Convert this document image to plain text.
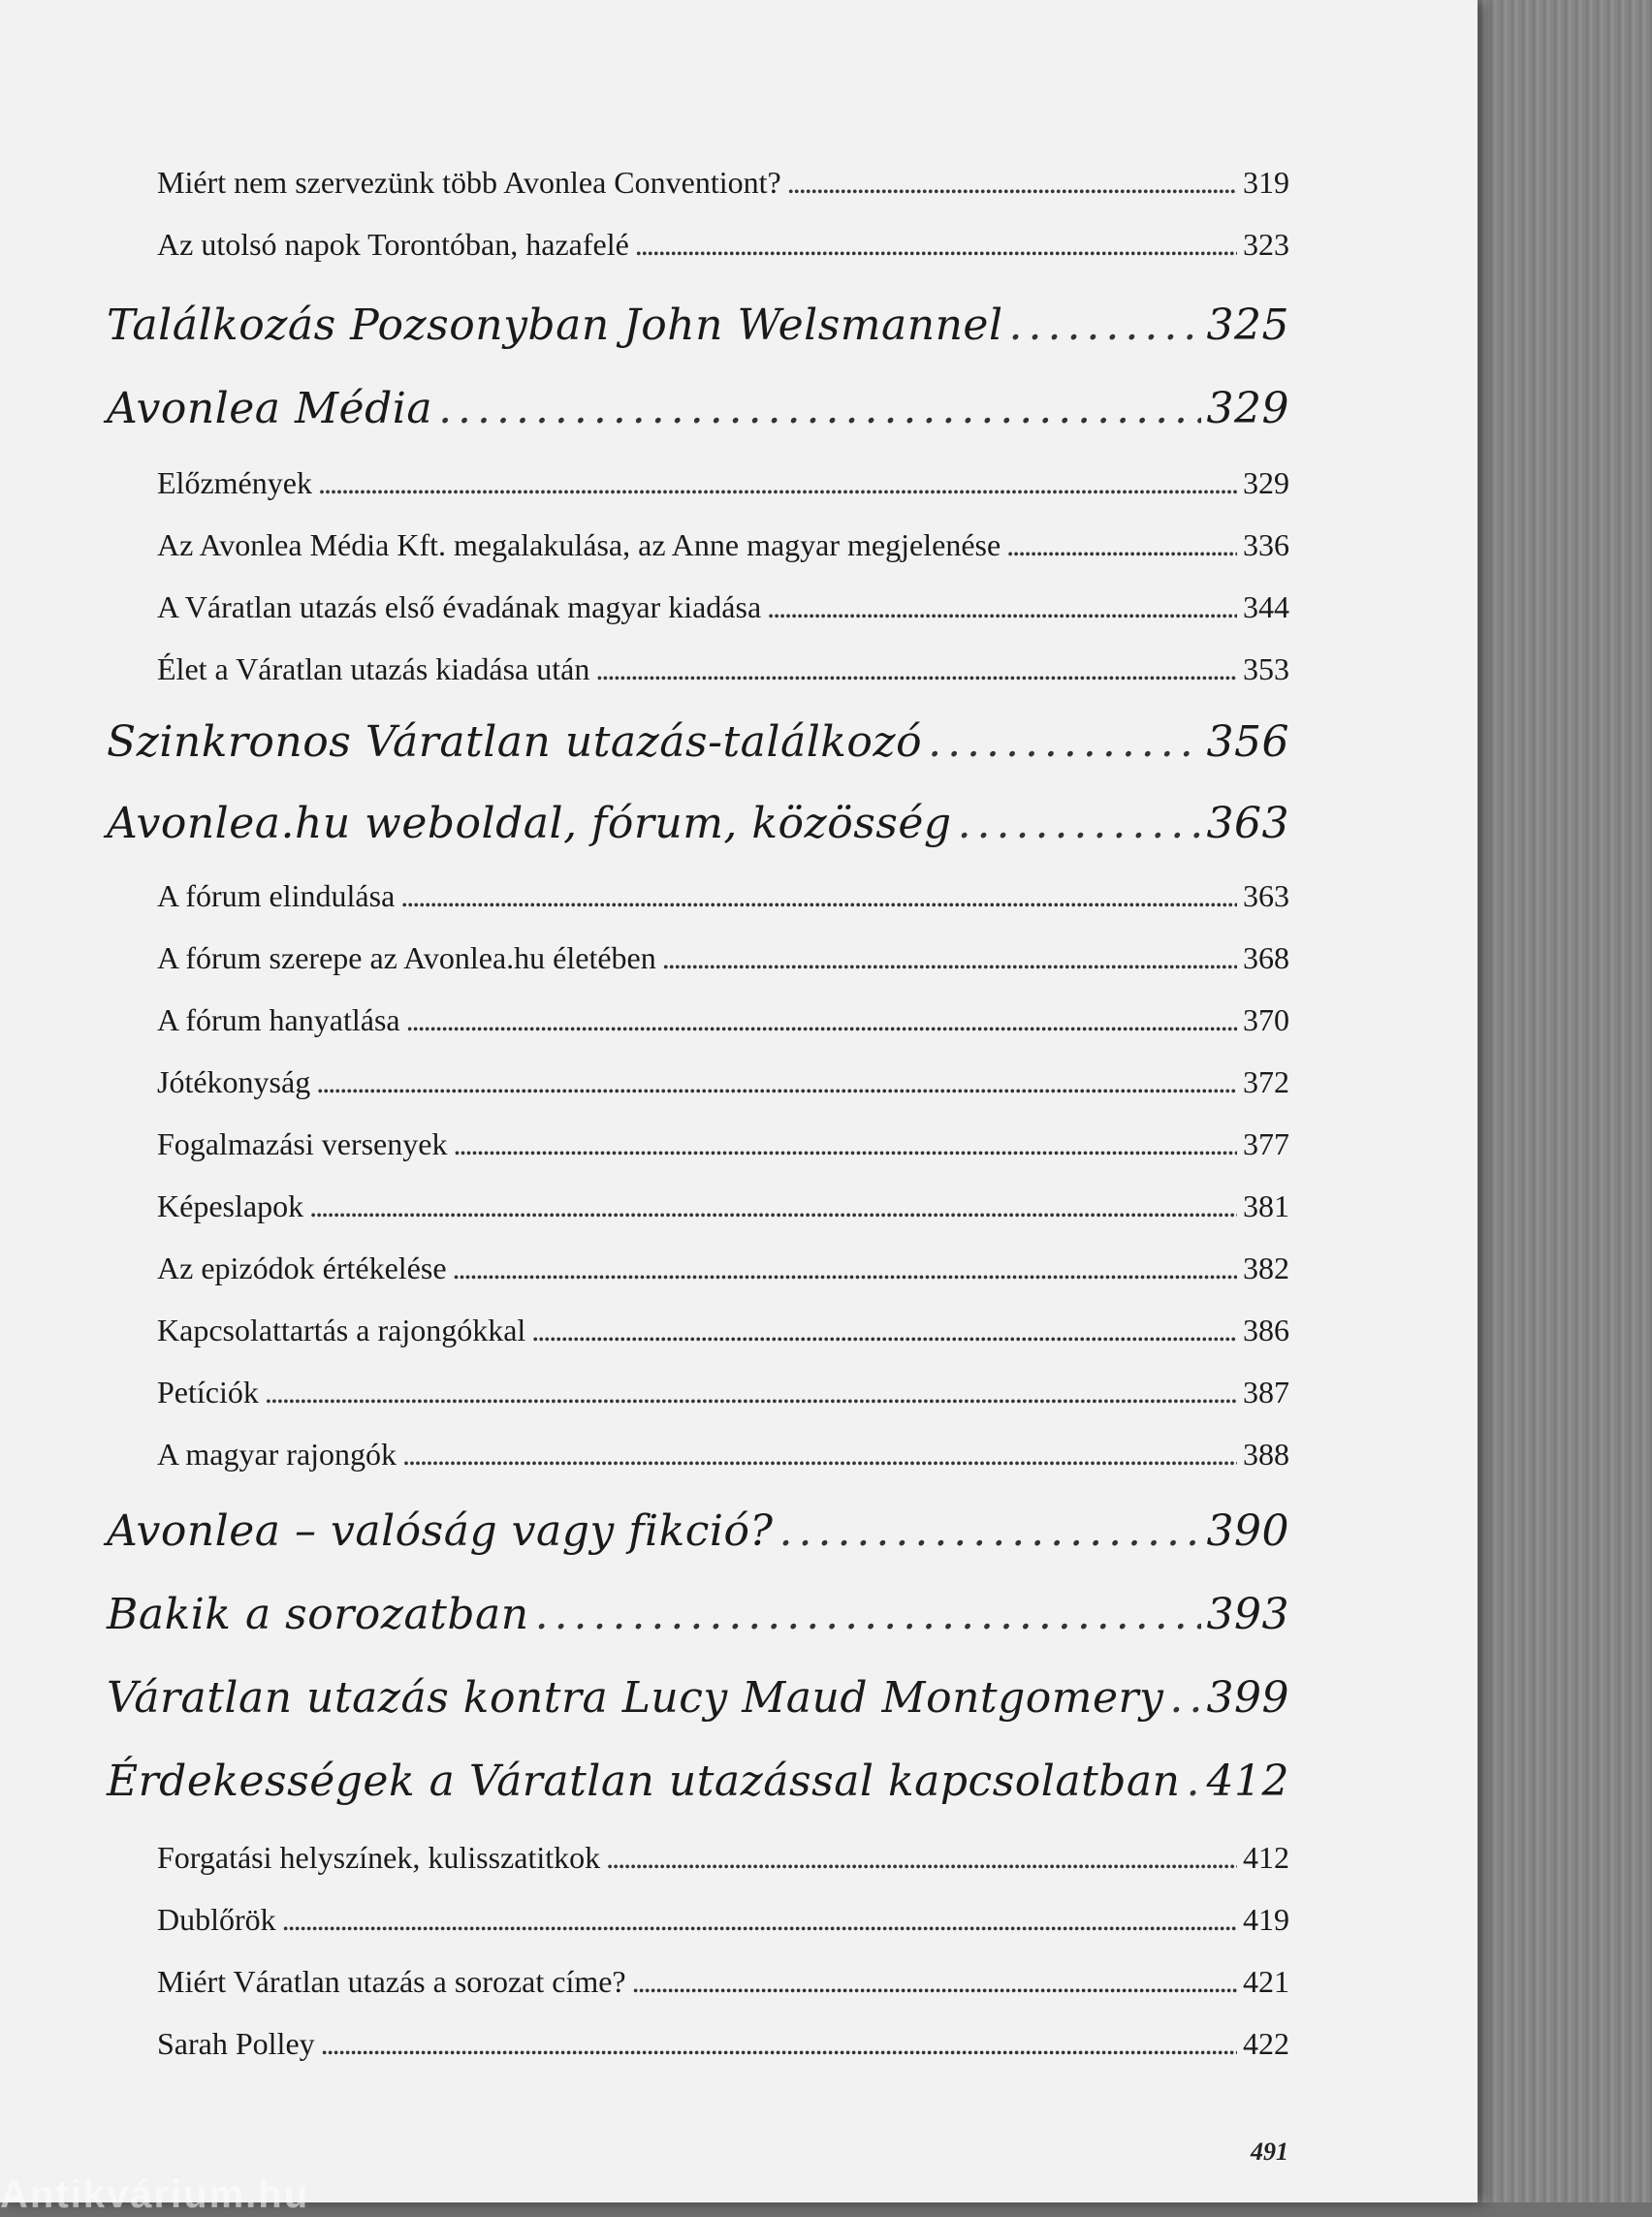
Miért nem szervezünk több Avonlea Conventiont? . . .	319
Az utolsó napok Torontóban, hazafelé . . .	323
Találkozás Pozsonyban John Welsmannel . . .	325
Avonlea Média . . .	329
Előzmények . . .	329
Az Avonlea Média Kft. megalakulása, az Anne magyar megjelenése . . .	336
A Váratlan utazás első évadának magyar kiadása . . .	344
Élet a Váratlan utazás kiadása után . . .	353
Szinkronos Váratlan utazás-találkozó . . .	356
Avonlea.hu weboldal, fórum, közösség . . .	363
A fórum elindulása . . .	363
A fórum szerepe az Avonlea.hu életében . . .	368
A fórum hanyatlása . . .	370
Jótékonyság . . .	372
Fogalmazási versenyek . . .	377
Képeslapok . . .	381
Az epizódok értékelése . . .	382
Kapcsolattartás a rajongókkal . . .	386
Petíciók . . .	387
A magyar rajongók . . .	388
Avonlea – valóság vagy fikció? . . .	390
Bakik a sorozatban . . .	393
Váratlan utazás kontra Lucy Maud Montgomery . . . 399
Érdekességek a Váratlan utazással kapcsolatban . . . 412
Forgatási helyszínek, kulisszatitkok . . .	412
Dublőrök . . .	419
Miért Váratlan utazás a sorozat címe? . . .	421
Sarah Polley . . .	422
491
Antikvárium.hu
